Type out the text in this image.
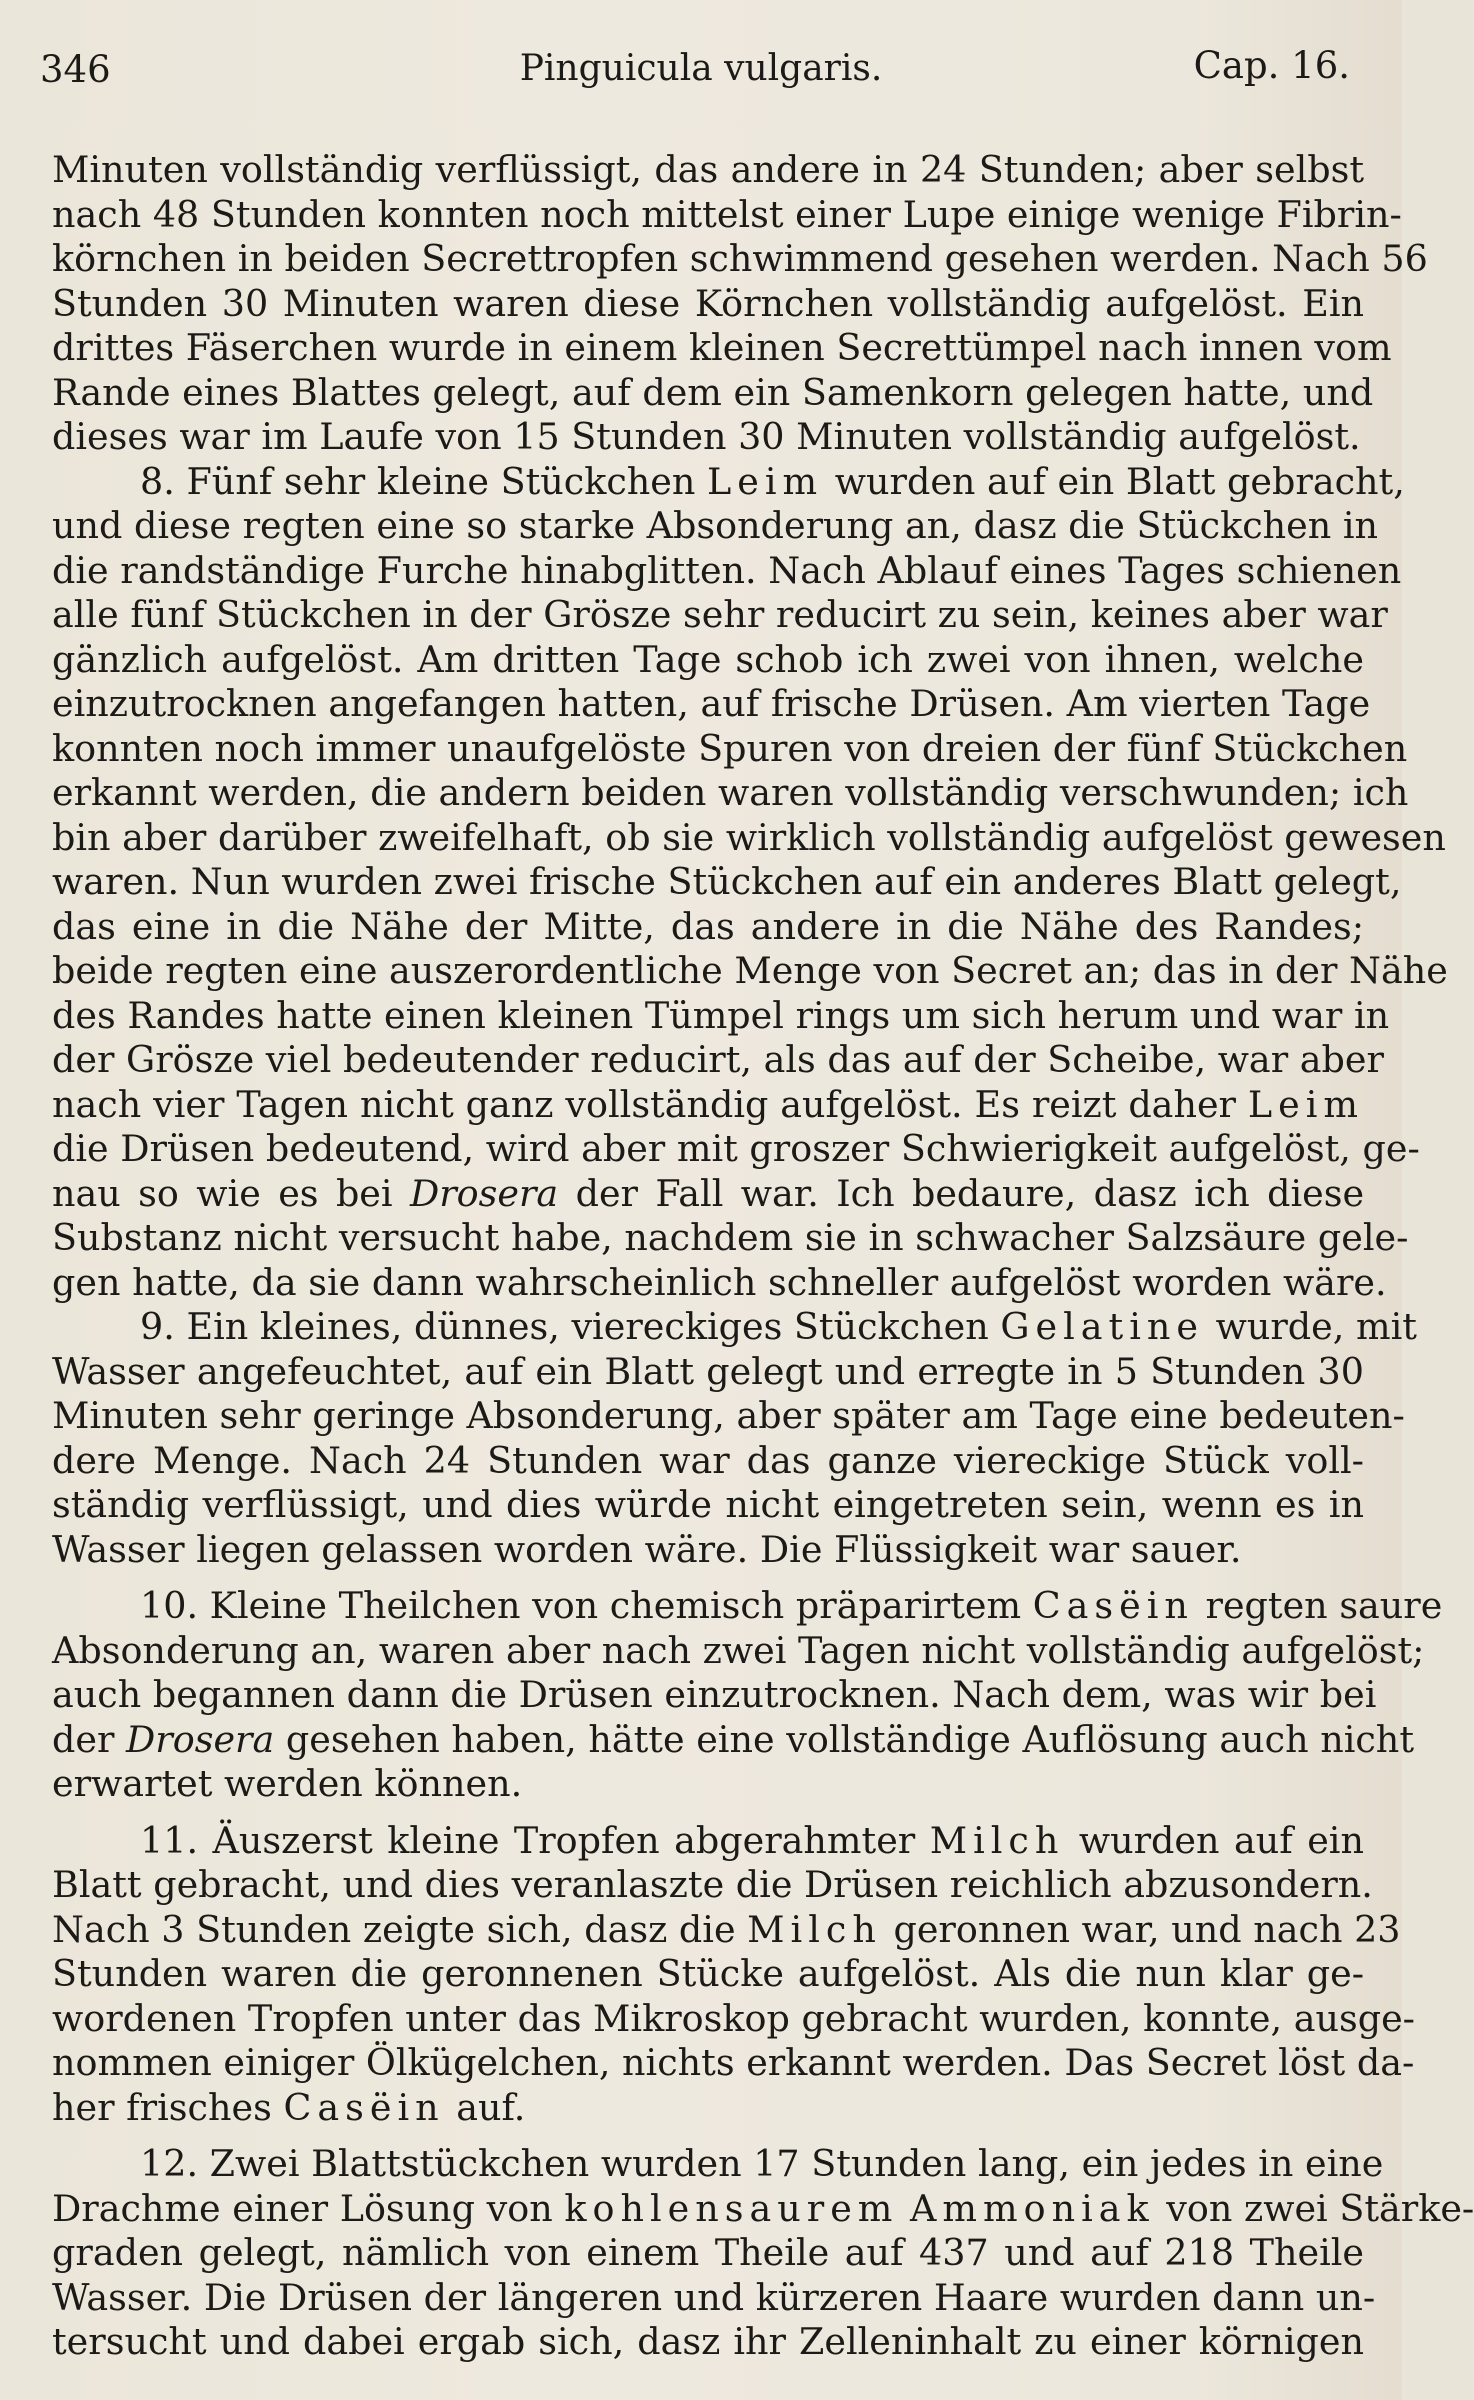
346	Pinguicula vulgaris.	Cap. 16.
Minuten vollständig verflüssigt, das andere in 24 Stunden; aber selbst
nach 48 Stunden konnten noch mittelst einer Lupe einige wenige Fibrin-
körnchen in beiden Secrettropfen schwimmend gesehen werden. Nach 56
Stunden 30 Minuten waren diese Körnchen vollständig aufgelöst. Ein
drittes Fäserchen wurde in einem kleinen Secrettümpel nach innen vom
Rande eines Blattes gelegt, auf dem ein Samenkorn gelegen hatte, und
dieses war im Laufe von 15 Stunden 30 Minuten vollständig aufgelöst.
8. Fünf sehr kleine Stückchen Leim wurden auf ein Blatt gebracht,
und diese regten eine so starke Absonderung an, dasz die Stückchen in
die randständige Furche hinabglitten. Nach Ablauf eines Tages schienen
alle fünf Stückchen in der Grösze sehr reducirt zu sein, keines aber war
gänzlich aufgelöst. Am dritten Tage schob ich zwei von ihnen, welche
einzutrocknen angefangen hatten, auf frische Drüsen. Am vierten Tage
konnten noch immer unaufgelöste Spuren von dreien der fünf Stückchen
erkannt werden, die andern beiden waren vollständig verschwunden; ich
bin aber darüber zweifelhaft, ob sie wirklich vollständig aufgelöst gewesen
waren. Nun wurden zwei frische Stückchen auf ein anderes Blatt gelegt,
das eine in die Nähe der Mitte, das andere in die Nähe des Randes;
beide regten eine auszerordentliche Menge von Secret an; das in der Nähe
des Randes hatte einen kleinen Tümpel rings um sich herum und war in
der Grösze viel bedeutender reducirt, als das auf der Scheibe, war aber
nach vier Tagen nicht ganz vollständig aufgelöst. Es reizt daher Leim
die Drüsen bedeutend, wird aber mit groszer Schwierigkeit aufgelöst, ge-
nau so wie es bei Drosera der Fall war. Ich bedaure, dasz ich diese
Substanz nicht versucht habe, nachdem sie in schwacher Salzsäure gele-
gen hatte, da sie dann wahrscheinlich schneller aufgelöst worden wäre.
9. Ein kleines, dünnes, viereckiges Stückchen Gelatine wurde, mit
Wasser angefeuchtet, auf ein Blatt gelegt und erregte in 5 Stunden 30
Minuten sehr geringe Absonderung, aber später am Tage eine bedeuten-
dere Menge. Nach 24 Stunden war das ganze viereckige Stück voll-
ständig verflüssigt, und dies würde nicht eingetreten sein, wenn es in
Wasser liegen gelassen worden wäre. Die Flüssigkeit war sauer.
10. Kleine Theilchen von chemisch präparirtem Casëin regten saure
Absonderung an, waren aber nach zwei Tagen nicht vollständig aufgelöst;
auch begannen dann die Drüsen einzutrocknen. Nach dem, was wir bei
der Drosera gesehen haben, hätte eine vollständige Auflösung auch nicht
erwartet werden können.
11. Äuszerst kleine Tropfen abgerahmter Milch wurden auf ein
Blatt gebracht, und dies veranlaszte die Drüsen reichlich abzusondern.
Nach 3 Stunden zeigte sich, dasz die Milch geronnen war, und nach 23
Stunden waren die geronnenen Stücke aufgelöst. Als die nun klar ge-
wordenen Tropfen unter das Mikroskop gebracht wurden, konnte, ausge-
nommen einiger Ölkügelchen, nichts erkannt werden. Das Secret löst da-
her frisches Casëin auf.
12. Zwei Blattstückchen wurden 17 Stunden lang, ein jedes in eine
Drachme einer Lösung von kohlensaurem Ammoniak von zwei Stärke-
graden gelegt, nämlich von einem Theile auf 437 und auf 218 Theile
Wasser. Die Drüsen der längeren und kürzeren Haare wurden dann un-
tersucht und dabei ergab sich, dasz ihr Zelleninhalt zu einer körnigen
